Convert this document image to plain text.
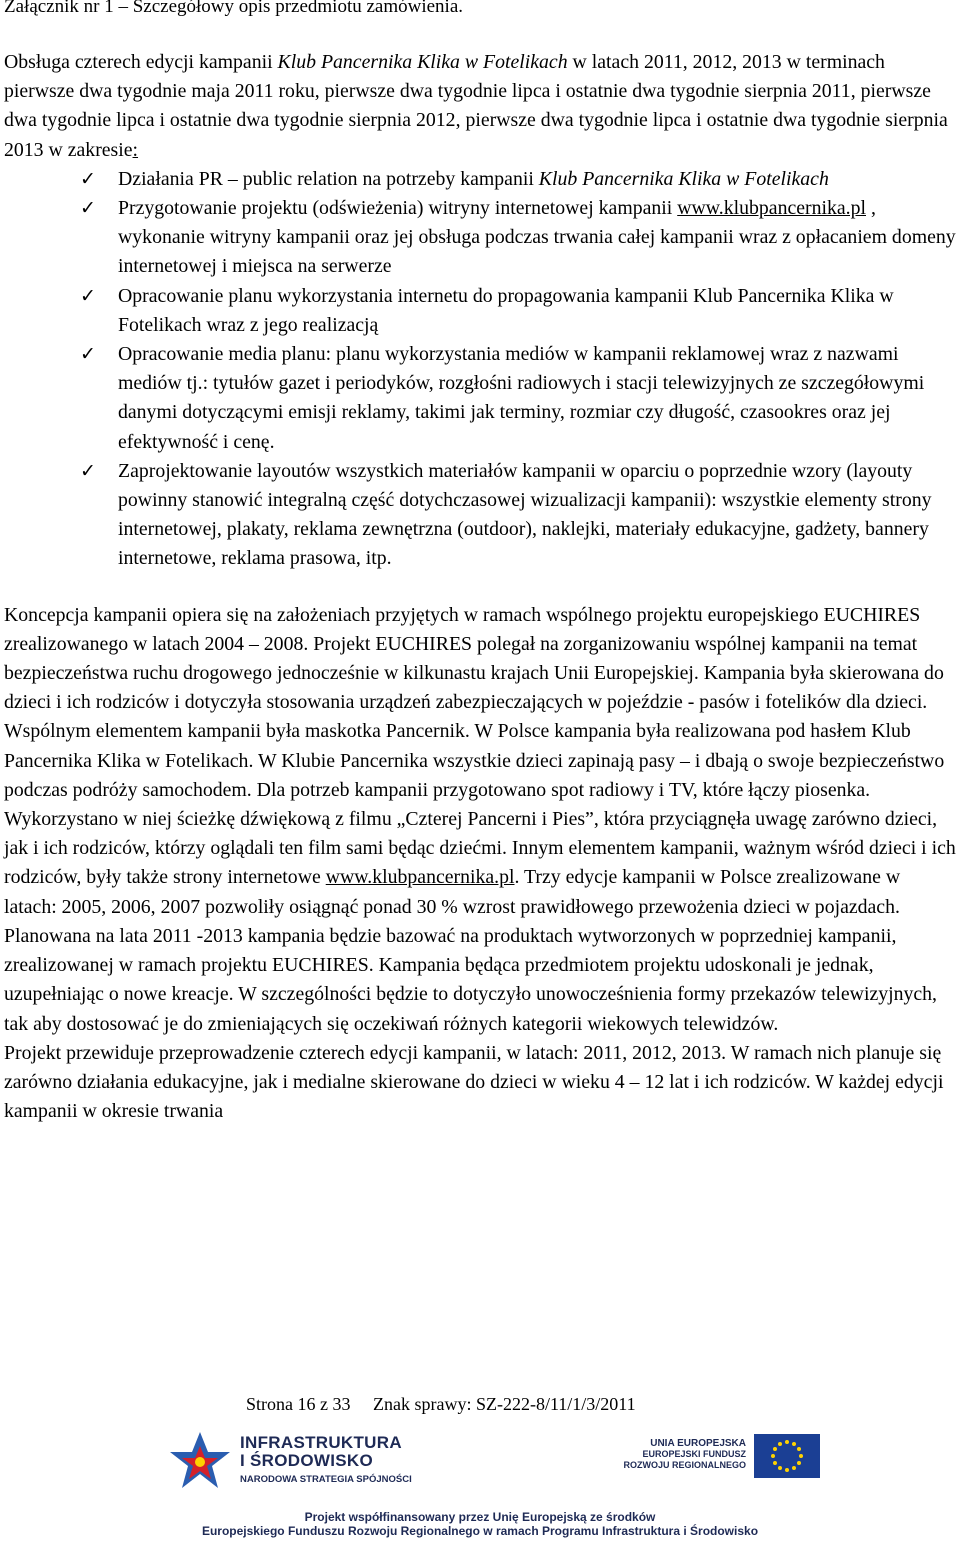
Załącznik nr 1 – Szczegółowy opis przedmiotu zamówienia.

Obsługa czterech edycji kampanii Klub Pancernika Klika w Fotelikach w latach 2011, 2012, 2013 w terminach pierwsze dwa tygodnie maja 2011 roku, pierwsze dwa tygodnie lipca i ostatnie dwa tygodnie sierpnia 2011, pierwsze dwa tygodnie lipca i ostatnie dwa tygodnie sierpnia 2012, pierwsze dwa tygodnie lipca i ostatnie dwa tygodnie sierpnia 2013 w zakresie:

✓ Działania PR – public relation na potrzeby kampanii Klub Pancernika Klika w Fotelikach
✓ Przygotowanie projektu (odświeżenia) witryny internetowej kampanii www.klubpancernika.pl , wykonanie witryny kampanii oraz jej obsługa podczas trwania całej kampanii wraz z opłacaniem domeny internetowej i miejsca na serwerze
✓ Opracowanie planu wykorzystania internetu do propagowania kampanii Klub Pancernika Klika w Fotelikach wraz z jego realizacją
✓ Opracowanie media planu: planu wykorzystania mediów w kampanii reklamowej wraz z nazwami mediów tj.: tytułów gazet i periodyków, rozgłośni radiowych i stacji telewizyjnych ze szczegółowymi danymi dotyczącymi emisji reklamy, takimi jak terminy, rozmiar czy długość, czasookres oraz jej efektywność i cenę.
✓ Zaprojektowanie layoutów wszystkich materiałów kampanii w oparciu o poprzednie wzory (layouty powinny stanowić integralną część dotychczasowej wizualizacji kampanii): wszystkie elementy strony internetowej, plakaty, reklama zewnętrzna (outdoor), naklejki, materiały edukacyjne, gadżety, bannery internetowe, reklama prasowa, itp.

Koncepcja kampanii opiera się na założeniach przyjętych w ramach wspólnego projektu europejskiego EUCHIRES zrealizowanego w latach 2004 – 2008. Projekt EUCHIRES polegał na zorganizowaniu wspólnej kampanii na temat bezpieczeństwa ruchu drogowego jednocześnie w kilkunastu krajach Unii Europejskiej. Kampania była skierowana do dzieci i ich rodziców i dotyczyła stosowania urządzeń zabezpieczających w pojeździe - pasów i fotelików dla dzieci. Wspólnym elementem kampanii była maskotka Pancernik. W Polsce kampania była realizowana pod hasłem Klub Pancernika Klika w Fotelikach. W Klubie Pancernika wszystkie dzieci zapinają pasy – i dbają o swoje bezpieczeństwo podczas podróży samochodem. Dla potrzeb kampanii przygotowano spot radiowy i TV, które łączy piosenka. Wykorzystano w niej ścieżkę dźwiękową z filmu „Czterej Pancerni i Pies”, która przyciągnęła uwagę zarówno dzieci, jak i ich rodziców, którzy oglądali ten film sami będąc dziećmi. Innym elementem kampanii, ważnym wśród dzieci i ich rodziców, były także strony internetowe www.klubpancernika.pl. Trzy edycje kampanii w Polsce zrealizowane w latach: 2005, 2006, 2007 pozwoliły osiągnąć ponad 30 % wzrost prawidłowego przewożenia dzieci w pojazdach.

Planowana na lata 2011 -2013 kampania będzie bazować na produktach wytworzonych w poprzedniej kampanii, zrealizowanej w ramach projektu EUCHIRES. Kampania będąca przedmiotem projektu udoskonali je jednak, uzupełniając o nowe kreacje. W szczególności będzie to dotyczyło unowocześnienia formy przekazów telewizyjnych, tak aby dostosować je do zmieniających się oczekiwań różnych kategorii wiekowych telewidzów.

Projekt przewiduje przeprowadzenie czterech edycji kampanii, w latach: 2011, 2012, 2013. W ramach nich planuje się zarówno działania edukacyjne, jak i medialne skierowane do dzieci w wieku 4 – 12 lat i ich rodziców. W każdej edycji kampanii w okresie trwania

Strona 16 z 33 Znak sprawy: SZ-222-8/11/1/3/2011
INFRASTRUKTURA
I ŚRODOWISKO
NARODOWA STRATEGIA SPÓJNOŚCI
UNIA EUROPEJSKA
EUROPEJSKI FUNDUSZ
ROZWOJU REGIONALNEGO
Projekt współfinansowany przez Unię Europejską ze środków
Europejskiego Funduszu Rozwoju Regionalnego w ramach Programu Infrastruktura i Środowisko
